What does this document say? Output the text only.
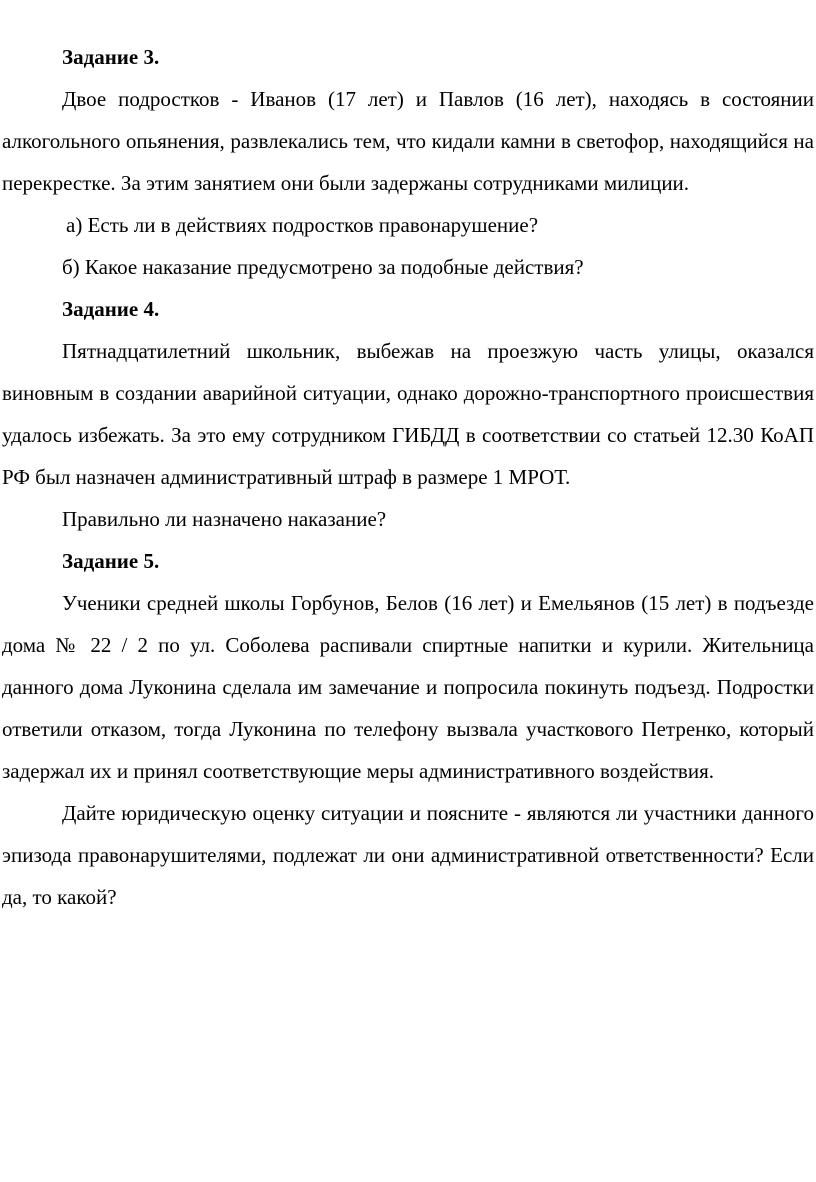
Задание 3.

Двое подростков - Иванов (17 лет) и Павлов (16 лет), находясь в состоянии алкогольного опьянения, развлекались тем, что кидали камни в светофор, находящийся на перекрестке. За этим занятием они были задержаны сотрудниками милиции.

а) Есть ли в действиях подростков правонарушение?

б) Какое наказание предусмотрено за подобные действия?

Задание 4.

Пятнадцатилетний школьник, выбежав на проезжую часть улицы, оказался виновным в создании аварийной ситуации, однако дорожно-транспортного происшествия удалось избежать. За это ему сотрудником ГИБДД в соответствии со статьей 12.30 КоАП РФ был назначен административный штраф в размере 1 МРОТ.

Правильно ли назначено наказание?

Задание 5.

Ученики средней школы Горбунов, Белов (16 лет) и Емельянов (15 лет) в подъезде дома № 22 / 2 по ул. Соболева распивали спиртные напитки и курили. Жительница данного дома Луконина сделала им замечание и попросила покинуть подъезд. Подростки ответили отказом, тогда Луконина по телефону вызвала участкового Петренко, который задержал их и принял соответствующие меры административного воздействия.

Дайте юридическую оценку ситуации и поясните - являются ли участники данного эпизода правонарушителями, подлежат ли они административной ответственности? Если да, то какой?
